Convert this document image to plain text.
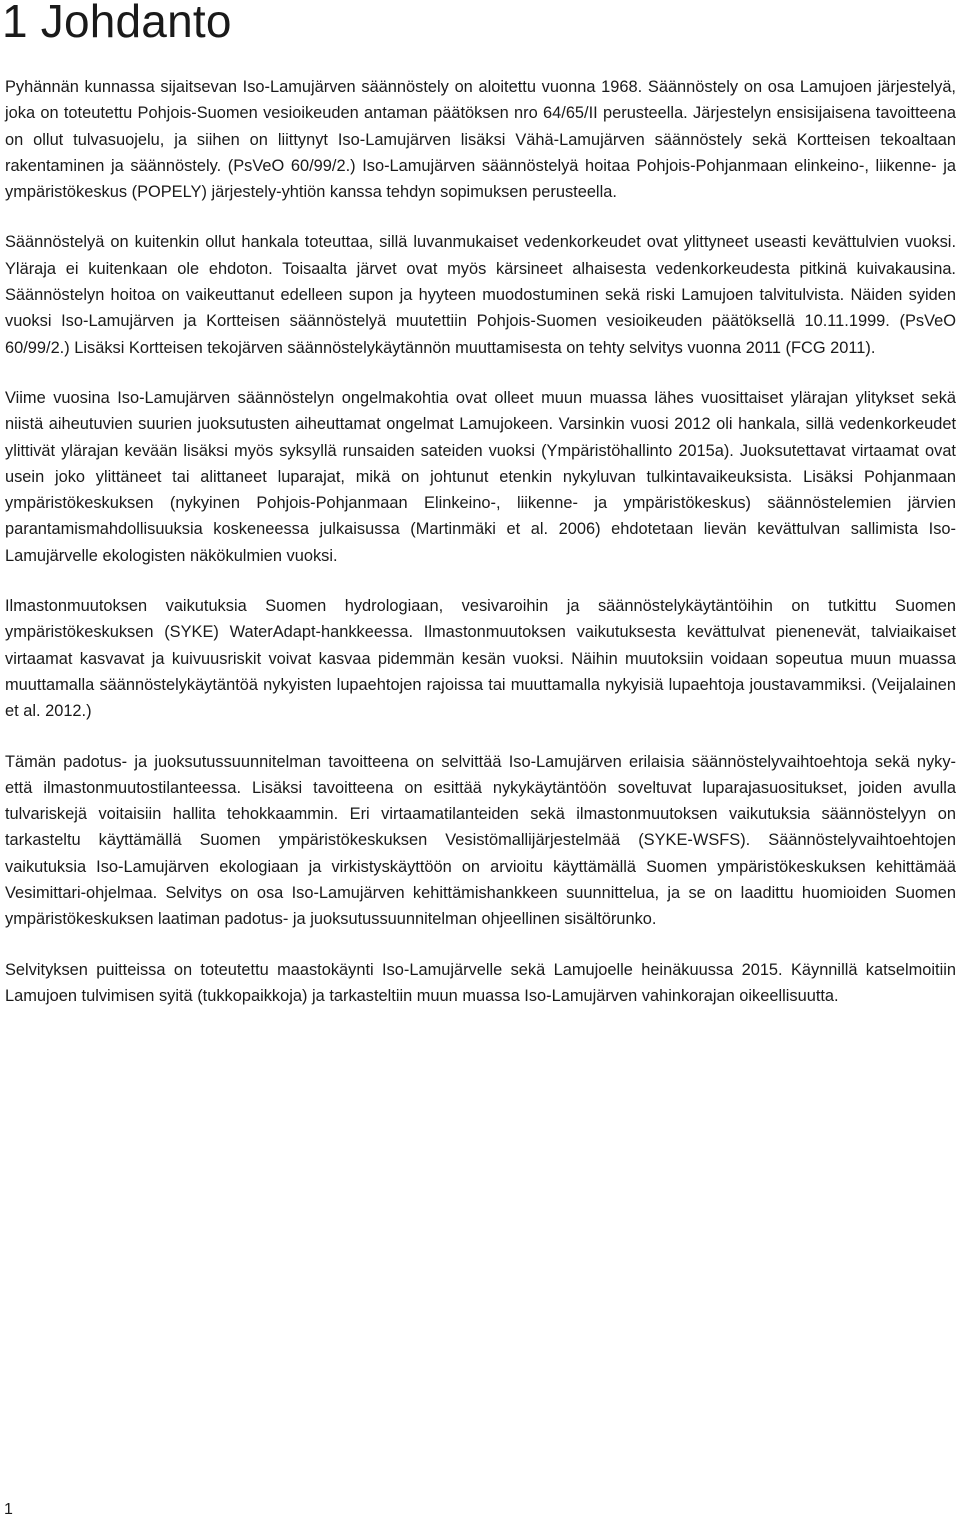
1 Johdanto

Pyhännän kunnassa sijaitsevan Iso-Lamujärven säännöstely on aloitettu vuonna 1968. Säännöstely on osa Lamujoen järjestelyä, joka on toteutettu Pohjois-Suomen vesioikeuden antaman päätöksen nro 64/65/II perusteella. Järjestelyn ensisijaisena tavoitteena on ollut tulvasuojelu, ja siihen on liittynyt Iso-Lamujärven lisäksi Vähä-Lamujärven säännöstely sekä Kortteisen tekoaltaan rakentaminen ja säännöstely. (PsVeO 60/99/2.) Iso-Lamujärven säännöstelyä hoitaa Pohjois-Pohjanmaan elinkeino-, liikenne- ja ympäristökeskus (POPELY) järjestely-yhtiön kanssa tehdyn sopimuksen perusteella.

Säännöstelyä on kuitenkin ollut hankala toteuttaa, sillä luvanmukaiset vedenkorkeudet ovat ylittyneet useasti kevättulvien vuoksi. Yläraja ei kuitenkaan ole ehdoton. Toisaalta järvet ovat myös kärsineet alhaisesta vedenkorkeudesta pitkinä kuivakausina. Säännöstelyn hoitoa on vaikeuttanut edelleen supon ja hyyteen muodostuminen sekä riski Lamujoen talvitulvista. Näiden syiden vuoksi Iso-Lamujärven ja Kortteisen säännöstelyä muutettiin Pohjois-Suomen vesioikeuden päätöksellä 10.11.1999. (PsVeO 60/99/2.) Lisäksi Kortteisen tekojärven säännöstelykäytännön muuttamisesta on tehty selvitys vuonna 2011 (FCG 2011).

Viime vuosina Iso-Lamujärven säännöstelyn ongelmakohtia ovat olleet muun muassa lähes vuosittaiset ylärajan ylitykset sekä niistä aiheutuvien suurien juoksutusten aiheuttamat ongelmat Lamujokeen. Varsinkin vuosi 2012 oli hankala, sillä vedenkorkeudet ylittivät ylärajan kevään lisäksi myös syksyllä runsaiden sateiden vuoksi (Ympäristöhallinto 2015a). Juoksutettavat virtaamat ovat usein joko ylittäneet tai alittaneet luparajat, mikä on johtunut etenkin nykyluvan tulkintavaikeuksista. Lisäksi Pohjanmaan ympäristökeskuksen (nykyinen Pohjois-Pohjanmaan Elinkeino-, liikenne- ja ympäristökeskus) säännöstelemien järvien parantamismahdollisuuksia koskeneessa julkaisussa (Martinmäki et al. 2006) ehdotetaan lievän kevättulvan sallimista Iso-Lamujärvelle ekologisten näkökulmien vuoksi.

Ilmastonmuutoksen vaikutuksia Suomen hydrologiaan, vesivaroihin ja säännöstelykäytäntöihin on tutkittu Suomen ympäristökeskuksen (SYKE) WaterAdapt-hankkeessa. Ilmastonmuutoksen vaikutuksesta kevättulvat pienenevät, talviaikaiset virtaamat kasvavat ja kuivuusriskit voivat kasvaa pidemmän kesän vuoksi. Näihin muutoksiin voidaan sopeutua muun muassa muuttamalla säännöstelykäytäntöä nykyisten lupaehtojen rajoissa tai muuttamalla nykyisiä lupaehtoja joustavammiksi. (Veijalainen et al. 2012.)

Tämän padotus- ja juoksutussuunnitelman tavoitteena on selvittää Iso-Lamujärven erilaisia säännöstelyvaihtoehtoja sekä nyky- että ilmastonmuutostilanteessa. Lisäksi tavoitteena on esittää nykykäytäntöön soveltuvat luparajasuositukset, joiden avulla tulvariskejä voitaisiin hallita tehokkaammin. Eri virtaamatilanteiden sekä ilmastonmuutoksen vaikutuksia säännöstelyyn on tarkasteltu käyttämällä Suomen ympäristökeskuksen Vesistömallijärjestelmää (SYKE-WSFS). Säännöstelyvaihtoehtojen vaikutuksia Iso-Lamujärven ekologiaan ja virkistyskäyttöön on arvioitu käyttämällä Suomen ympäristökeskuksen kehittämää Vesimittari-ohjelmaa. Selvitys on osa Iso-Lamujärven kehittämishankkeen suunnittelua, ja se on laadittu huomioiden Suomen ympäristökeskuksen laatiman padotus- ja juoksutussuunnitelman ohjeellinen sisältörunko.

Selvityksen puitteissa on toteutettu maastokäynti Iso-Lamujärvelle sekä Lamujoelle heinäkuussa 2015. Käynnillä katselmoitiin Lamujoen tulvimisen syitä (tukkopaikkoja) ja tarkasteltiin muun muassa Iso-Lamujärven vahinkorajan oikeellisuutta.

1
